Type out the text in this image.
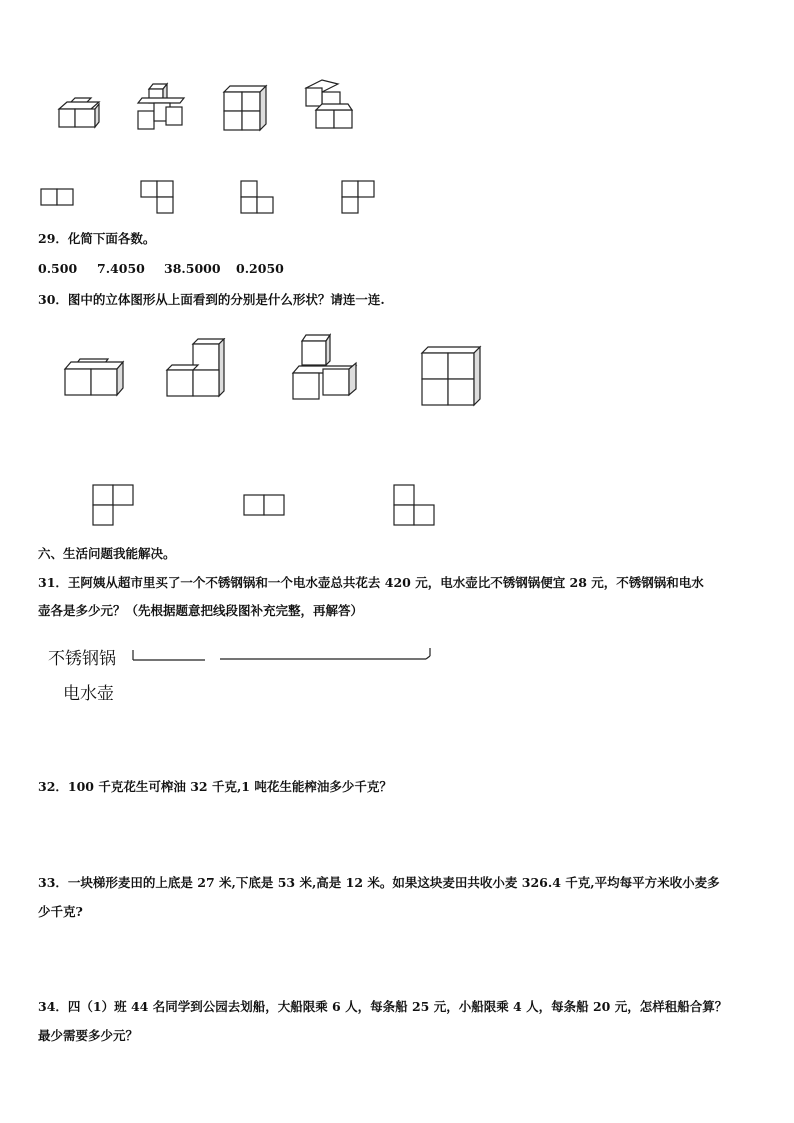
29．化简下面各数。
0.500 7.4050 38.5000 0.2050
30．图中的立体图形从上面看到的分别是什么形状？请连一连.
六、生活问题我能解决。
31．王阿姨从超市里买了一个不锈钢锅和一个电水壶总共花去 420 元，电水壶比不锈钢锅便宜 28 元，不锈钢锅和电水
壶各是多少元？（先根据题意把线段图补充完整，再解答）
不锈钢锅
电水壶
32．100 千克花生可榨油 32 千克,1 吨花生能榨油多少千克？
33．一块梯形麦田的上底是 27 米,下底是 53 米,高是 12 米。如果这块麦田共收小麦 326.4 千克,平均每平方米收小麦多
少千克?
34．四（1）班 44 名同学到公园去划船，大船限乘 6 人，每条船 25 元，小船限乘 4 人，每条船 20 元，怎样租船合算？
最少需要多少元？
